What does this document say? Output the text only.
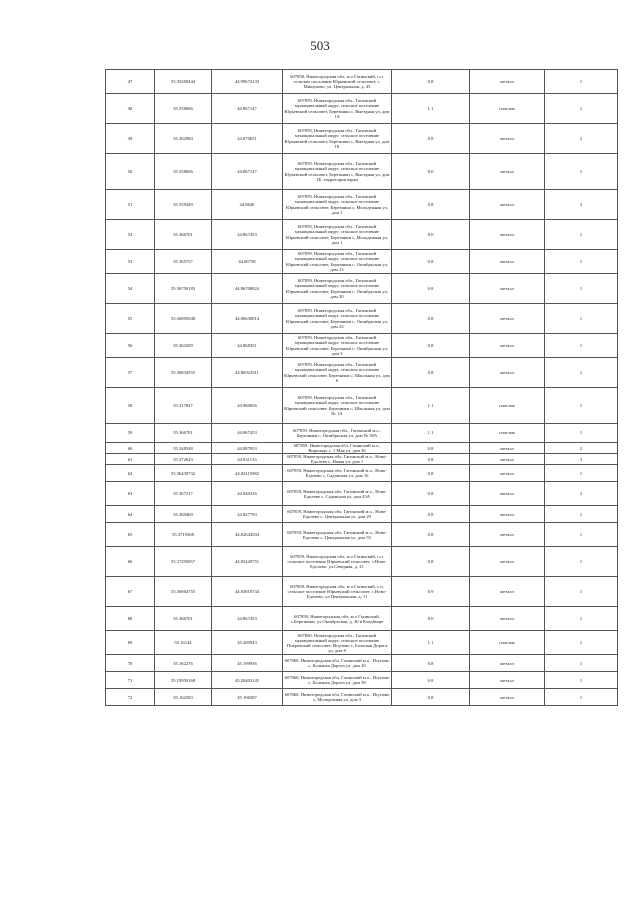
503
47	55.35269444	44.99674133	607858, Нижегородская обл, м.о.Гагинский, с.п. сельское поселение Юрьевский сельсовет, с. Мишуково, ул. Центральная, д. 45	0.8	металл	1
48	55.358606	44.867147	607859, Нижегородская обл., Гагинский муниципальный округ, сельское поселение Юрьевский сельсовет, Березники с, Выездная ул, дом 1А	1.1	пластик	1
49	55.362984	44.870651	607859, Нижегородская обл., Гагинский муниципальный округ, сельское поселение Юрьевский сельсовет, Березники с, Выездная ул, дом 1Б	0.8	металл	2
50	55.358606	44.867147	607859, Нижегородская обл., Гагинский муниципальный округ, сельское поселение Юрьевский сельсовет, Березники с, Выездная ул, дом 1Е, территория парка	8.0	металл	1
51	55.359449	44.8640	607859, Нижегородская обл., Гагинский муниципальный округ, сельское поселение Юрьевский сельсовет, Березники с, Молодежная ул, дом 1	0.8	металл	3
52	55.366701	44.867453	607859, Нижегородская обл., Гагинский муниципальный округ, сельское поселение Юрьевский сельсовет, Березники с, Молодежная ул, дом 1	8.0	металл	1
53	55.365757	44.86758	607859, Нижегородская обл., Гагинский муниципальный округ, сельское поселение Юрьевский сельсовет, Березники с, Октябрьская ул, дом 13	0.8	металл	1
54	55.36750183	44.86700824	607859, Нижегородская обл., Гагинский муниципальный округ, сельское поселение Юрьевский сельсовет, Березники с, Октябрьская ул, дом 20	0.8	металл	1
55	55.36895048	44.86630014	607859, Нижегородская обл., Гагинский муниципальный округ, сельское поселение Юрьевский сельсовет, Березники с, Октябрьская ул, дом 23	0.8	металл	1
56	55.363209	44.868351	607859, Нижегородская обл., Гагинский муниципальный округ, сельское поселение Юрьевский сельсовет, Березники с, Октябрьская ул, дом 3	0.8	металл	1
57	55.36834555	44.86922911	607859, Нижегородская обл., Гагинский муниципальный округ, сельское поселение Юрьевский сельсовет, Березники с, Школьная ул, дом 6	0.8	металл	1
58	55.317827	44.960656	607859, Нижегородская обл., Гагинский муниципальный округ, сельское поселение Юрьевский сельсовет, Березники с, Школьная ул, дом № 1А	1.1	пластик	1
59	55.366701	44.867453	607859, Нижегородская обл., Гагинский м.о., Березники с, Октябрьская ул, дом № 30А	1.1	пластик	1
60	55.348548	44.887953	607859, Нижегородская обл, Гагинский м.о., Воронадо с, 1 Мая ул, дом 36	0.8	металл	2
61	55.372623	44.831133	607859, Нижегородская обл, Гагинский м.о., Ново-Едолево с, Новая ул, дом 1	0.8	металл	3
62	55.36439732	44.84115982	607859, Нижегородская обл, Гагинский м.о., Ново-Едолево с, Садовская ул, дом 16	0.8	металл	1
63	55.367317	44.840416	607859, Нижегородская обл. Гагинский м.о., Ново-Едолево с, Садовская ул, дом 43А	0.8	металл	2
64	55.369469	44.827793	607859, Нижегородская обл, Гагинский м.о., Ново-Едолево с, Центральная ул, дом 29	0.8	металл	1
65	55.3719368	44.82644504	607859, Нижегородская обл, Гагинский м.о., Ново-Едолево с, Центральная ул, дом 55	0.8	металл	1
66	55.37295057	44.83420751	607859, Нижегородская обл, м.о.Гагинский, с.п. сельское поселение Юрьевский сельсовет, с.Ново-Едолево, ул.Северная, д. 21	0.8	металл	1
67	55.36864755	44.83810744	607859, Нижегородская обл, м.о.Гагинский, с.п. сельское поселение Юрьевский сельсовет, с.Ново-Едолево, ул.Центральная, д. 11	0.9	металл	1
68	55.366701	44.867453	607859, Нижегородская обл, м.о Гагинский, с.Березники, ул Октябрьская, д. 30 в Кладбище	8.0	металл	1
69	55.16144	45.200943	607860, Нижегородская обл., Гагинский муниципальный округ, сельское поселение Покровский сельсовет, Исупово с, Большая Дорога ул, дом 8	1.1	пластик	1
70	55.162276	45.199936	607860, Нижегородская обл, Гагинский м.о., Исупово с, Большая Дорога ул, дом 20	0.8	металл	1
71	55.19950168	45.20402145	607860, Нижегородская обл, Гагинский м.о., Исупово с, Большая Дорога ул, дом 59	0.8	металл	1
72	55.162583	45.196587	607860, Нижегородская обл, Гагинский м.о., Исупово с, Молодежная ул, дом 3	0.8	металл	1
